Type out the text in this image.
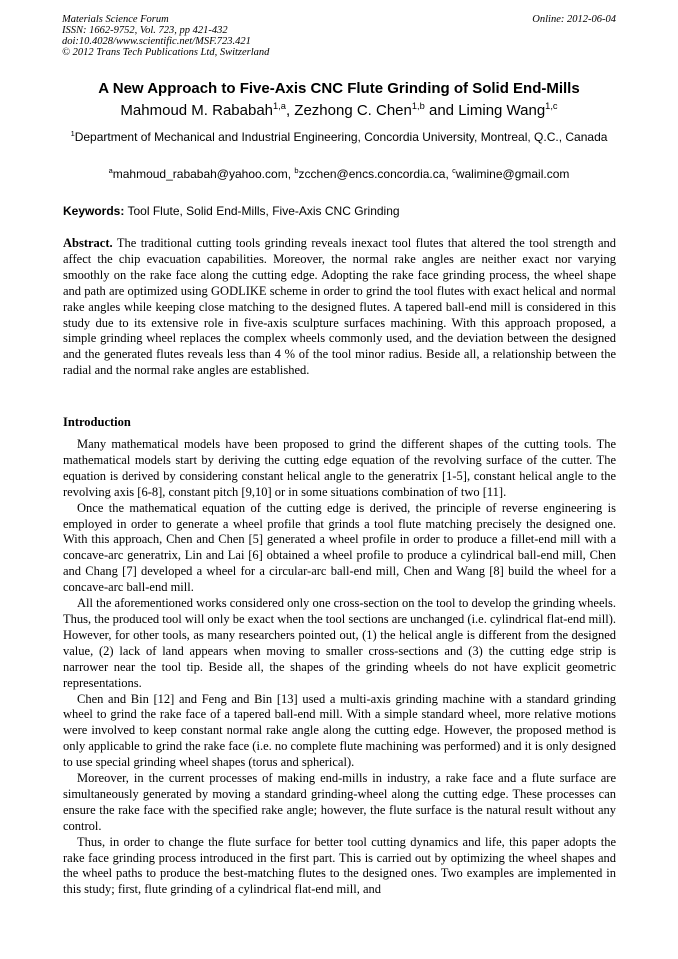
Materials Science Forum
ISSN: 1662-9752, Vol. 723, pp 421-432
doi:10.4028/www.scientific.net/MSF.723.421
© 2012 Trans Tech Publications Ltd, Switzerland
Online: 2012-06-04
A New Approach to Five-Axis CNC Flute Grinding of Solid End-Mills
Mahmoud M. Rababah$^{1,a}$, Zezhong C. Chen$^{1,b}$ and Liming Wang$^{1,c}$
$^1$Department of Mechanical and Industrial Engineering, Concordia University, Montreal, Q.C., Canada
$^a$mahmoud_rababah@yahoo.com, $^b$zcchen@encs.concordia.ca, $^c$walimine@gmail.com
Keywords: Tool Flute, Solid End-Mills, Five-Axis CNC Grinding
Abstract. The traditional cutting tools grinding reveals inexact tool flutes that altered the tool strength and affect the chip evacuation capabilities. Moreover, the normal rake angles are neither exact nor varying smoothly on the rake face along the cutting edge. Adopting the rake face grinding process, the wheel shape and path are optimized using GODLIKE scheme in order to grind the tool flutes with exact helical and normal rake angles while keeping close matching to the designed flutes. A tapered ball-end mill is considered in this study due to its extensive role in five-axis sculpture surfaces machining. With this approach proposed, a simple grinding wheel replaces the complex wheels commonly used, and the deviation between the designed and the generated flutes reveals less than 4 % of the tool minor radius. Beside all, a relationship between the radial and the normal rake angles are established.
Introduction

Many mathematical models have been proposed to grind the different shapes of the cutting tools. The mathematical models start by deriving the cutting edge equation of the revolving surface of the cutter. The equation is derived by considering constant helical angle to the generatrix [1-5], constant helical angle to the revolving axis [6-8], constant pitch [9,10] or in some situations combination of two [11].

Once the mathematical equation of the cutting edge is derived, the principle of reverse engineering is employed in order to generate a wheel profile that grinds a tool flute matching precisely the designed one. With this approach, Chen and Chen [5] generated a wheel profile in order to produce a fillet-end mill with a concave-arc generatrix, Lin and Lai [6] obtained a wheel profile to produce a cylindrical ball-end mill, Chen and Chang [7] developed a wheel for a circular-arc ball-end mill, Chen and Wang [8] build the wheel for a concave-arc ball-end mill.

All the aforementioned works considered only one cross-section on the tool to develop the grinding wheels. Thus, the produced tool will only be exact when the tool sections are unchanged (i.e. cylindrical flat-end mill). However, for other tools, as many researchers pointed out, (1) the helical angle is different from the designed value, (2) lack of land appears when moving to smaller cross-sections and (3) the cutting edge strip is narrower near the tool tip. Beside all, the shapes of the grinding wheels do not have explicit geometric representations.

Chen and Bin [12] and Feng and Bin [13] used a multi-axis grinding machine with a standard grinding wheel to grind the rake face of a tapered ball-end mill. With a simple standard wheel, more relative motions were involved to keep constant normal rake angle along the cutting edge. However, the proposed method is only applicable to grind the rake face (i.e. no complete flute machining was performed) and it is only designed to use special grinding wheel shapes (torus and spherical).

Moreover, in the current processes of making end-mills in industry, a rake face and a flute surface are simultaneously generated by moving a standard grinding-wheel along the cutting edge. These processes can ensure the rake face with the specified rake angle; however, the flute surface is the natural result without any control.

Thus, in order to change the flute surface for better tool cutting dynamics and life, this paper adopts the rake face grinding process introduced in the first part. This is carried out by optimizing the wheel shapes and the wheel paths to produce the best-matching flutes to the designed ones. Two examples are implemented in this study; first, flute grinding of a cylindrical flat-end mill, and
